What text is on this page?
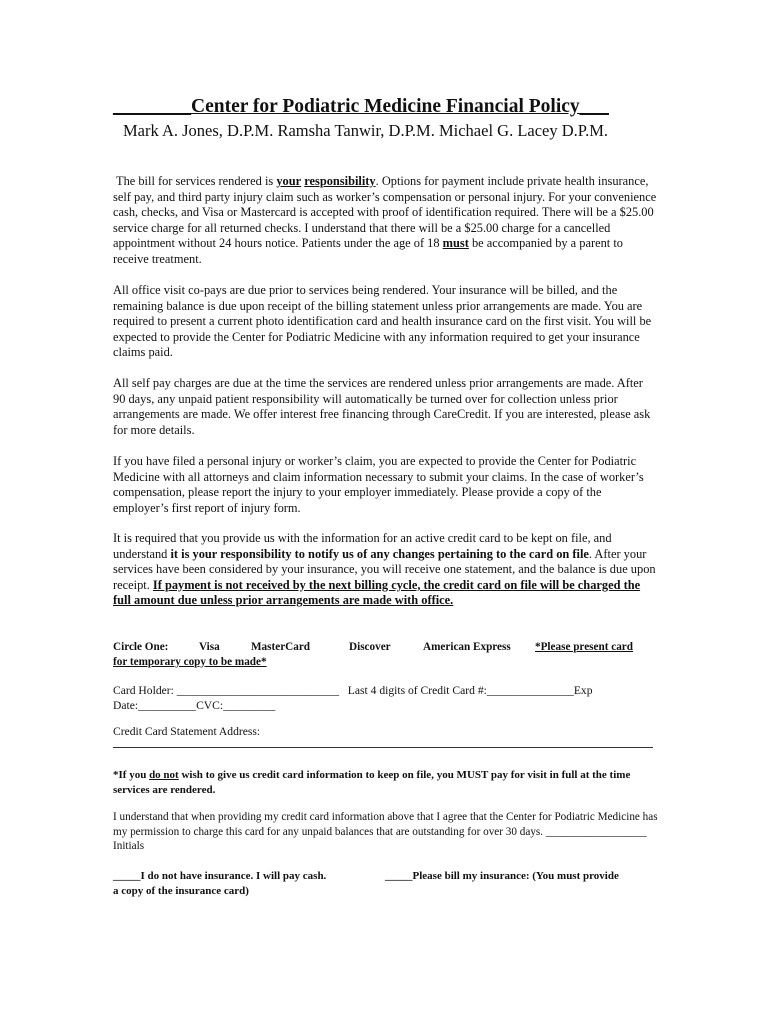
________Center for Podiatric Medicine Financial Policy___
Mark A. Jones, D.P.M. Ramsha Tanwir, D.P.M. Michael G. Lacey D.P.M.
The bill for services rendered is your responsibility. Options for payment include private health insurance, self pay, and third party injury claim such as worker’s compensation or personal injury. For your convenience cash, checks, and Visa or Mastercard is accepted with proof of identification required. There will be a $25.00 service charge for all returned checks. I understand that there will be a $25.00 charge for a cancelled appointment without 24 hours notice. Patients under the age of 18 must be accompanied by a parent to receive treatment.
All office visit co-pays are due prior to services being rendered. Your insurance will be billed, and the remaining balance is due upon receipt of the billing statement unless prior arrangements are made. You are required to present a current photo identification card and health insurance card on the first visit. You will be expected to provide the Center for Podiatric Medicine with any information required to get your insurance claims paid.
All self pay charges are due at the time the services are rendered unless prior arrangements are made. After 90 days, any unpaid patient responsibility will automatically be turned over for collection unless prior arrangements are made. We offer interest free financing through CareCredit. If you are interested, please ask for more details.
If you have filed a personal injury or worker’s claim, you are expected to provide the Center for Podiatric Medicine with all attorneys and claim information necessary to submit your claims. In the case of worker’s compensation, please report the injury to your employer immediately. Please provide a copy of the employer’s first report of injury form.
It is required that you provide us with the information for an active credit card to be kept on file, and understand it is your responsibility to notify us of any changes pertaining to the card on file. After your services have been considered by your insurance, you will receive one statement, and the balance is due upon receipt. If payment is not received by the next billing cycle, the credit card on file will be charged the full amount due unless prior arrangements are made with office.
Circle One:	Visa	MasterCard	Discover	American Express *Please present card
for temporary copy to be made*
Card Holder: ____________________________ Last 4 digits of Credit Card #:_______________Exp
Date:__________CVC:_________
Credit Card Statement Address:
*If you do not wish to give us credit card information to keep on file, you MUST pay for visit in full at the time services are rendered.
I understand that when providing my credit card information above that I agree that the Center for Podiatric Medicine has my permission to charge this card for any unpaid balances that are outstanding for over 30 days. __________________ Initials
_____I do not have insurance. I will pay cash.	_____Please bill my insurance: (You must provide

a copy of the insurance card)
